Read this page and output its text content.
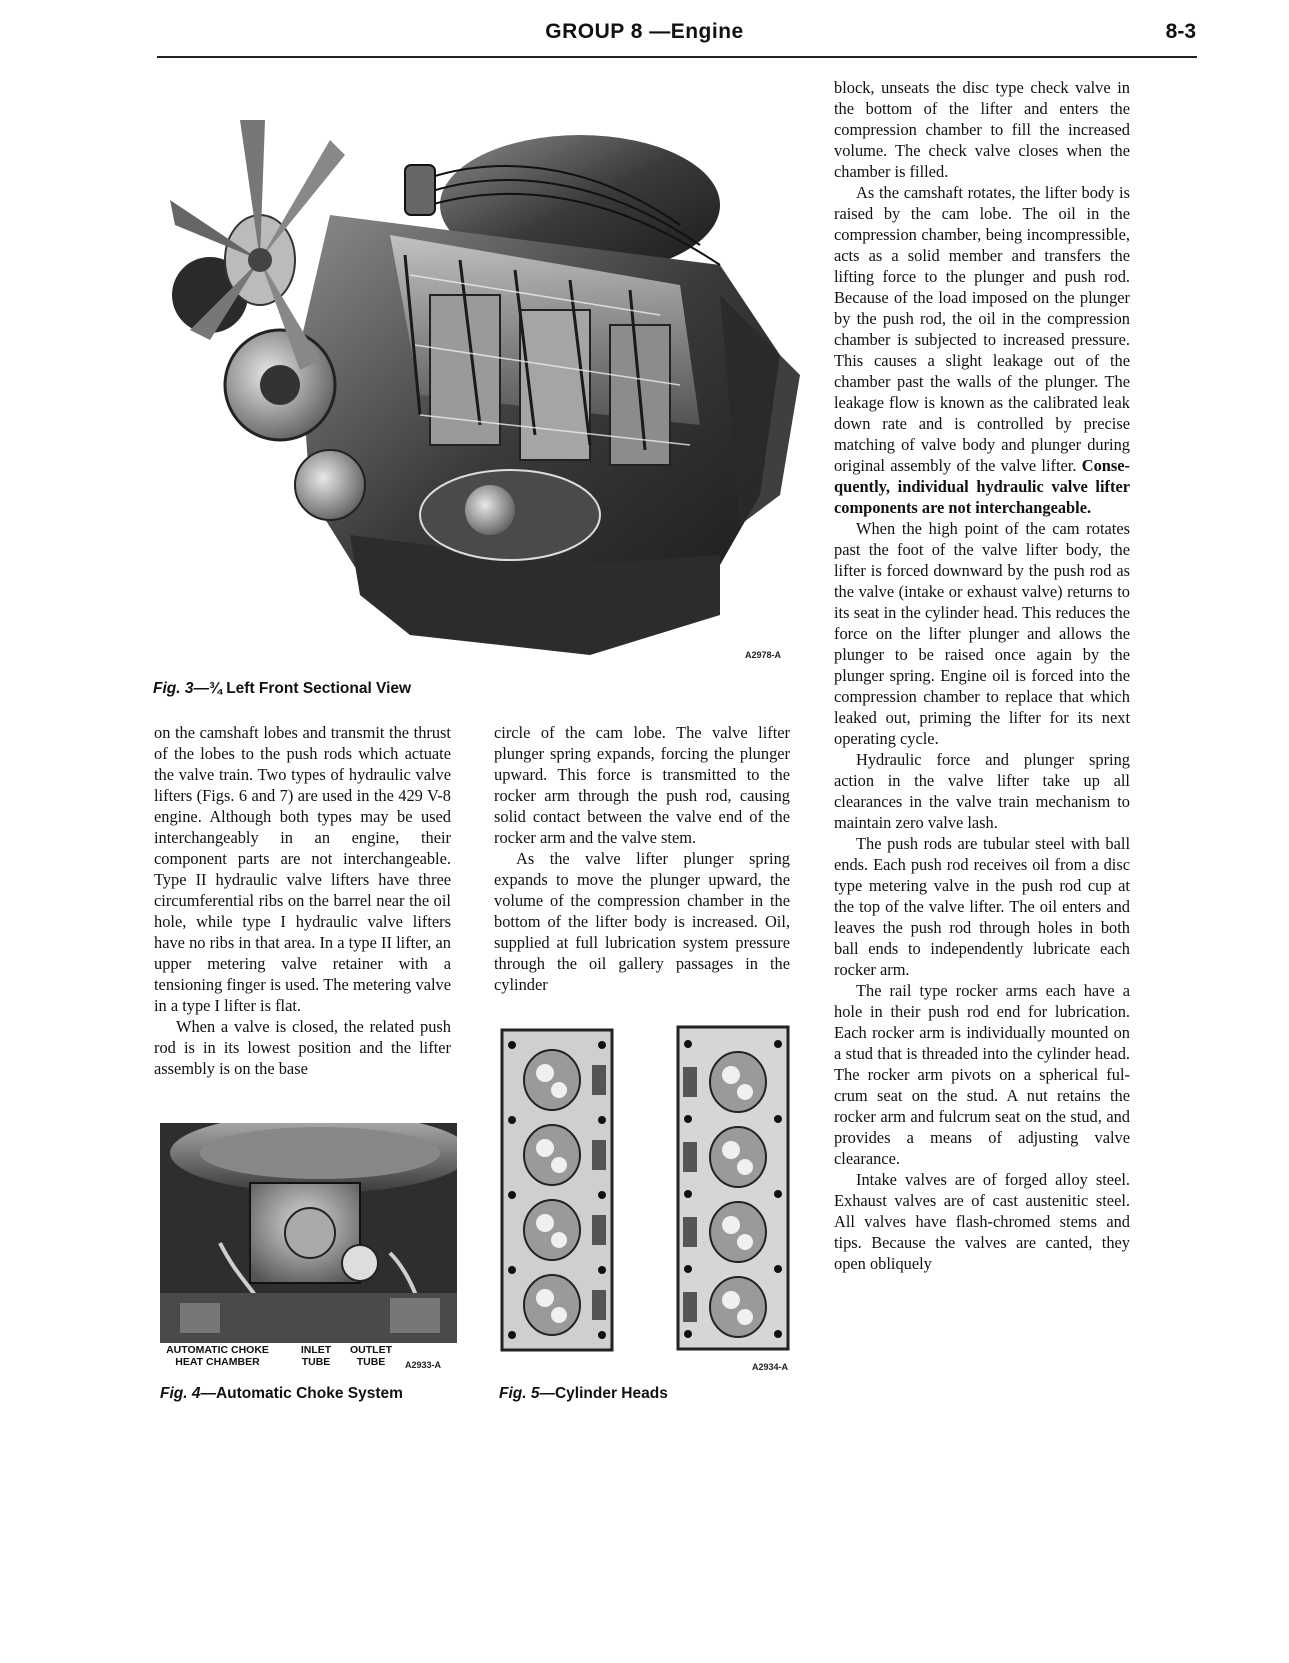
GROUP 8 —Engine	8-3
A2978-A
Fig. 3—¾ Left Front Sectional View

on the camshaft lobes and transmit the thrust of the lobes to the push rods which actuate the valve train. Two types of hydraulic valve lifters (Figs. 6 and 7) are used in the 429 V-8 engine. Although both types may be used interchangeably in an engine, their component parts are not interchangeable. Type II hydraulic valve lifters have three circumferential ribs on the barrel near the oil hole, while type I hydraulic valve lifters have no ribs in that area. In a type II lifter, an upper metering valve retainer with a tensioning finger is used. The metering valve in a type I lifter is flat.

When a valve is closed, the related push rod is in its lowest position and the lifter assembly is on the base

AUTOMATIC CHOKE HEAT CHAMBER
INLET TUBE
OUTLET TUBE	A2933-A
Fig. 4—Automatic Choke System

circle of the cam lobe. The valve lifter plunger spring expands, forcing the plunger upward. This force is transmitted to the rocker arm through the push rod, causing solid contact between the valve end of the rocker arm and the valve stem.

As the valve lifter plunger spring expands to move the plunger upward, the volume of the compression chamber in the bottom of the lifter body is increased. Oil, supplied at full lubrication system pressure through the oil gallery passages in the cylinder

A2934-A
Fig. 5—Cylinder Heads

block, unseats the disc type check valve in the bottom of the lifter and enters the compression chamber to fill the increased volume. The check valve closes when the chamber is filled.

As the camshaft rotates, the lifter body is raised by the cam lobe. The oil in the compression chamber, being incompressible, acts as a solid member and transfers the lifting force to the plunger and push rod. Because of the load imposed on the plunger by the push rod, the oil in the compression chamber is subjected to increased pressure. This causes a slight leakage out of the chamber past the walls of the plunger. The leakage flow is known as the calibrated leak down rate and is controlled by precise matching of valve body and plunger during original assembly of the valve lifter. Consequently, individual hydraulic valve lifter components are not interchangeable.

When the high point of the cam rotates past the foot of the valve lifter body, the lifter is forced downward by the push rod as the valve (intake or exhaust valve) returns to its seat in the cylinder head. This reduces the force on the lifter plunger and allows the plunger to be raised once again by the plunger spring. Engine oil is forced into the compression chamber to replace that which leaked out, priming the lifter for its next operating cycle.

Hydraulic force and plunger spring action in the valve lifter take up all clearances in the valve train mechanism to maintain zero valve lash.

The push rods are tubular steel with ball ends. Each push rod receives oil from a disc type metering valve in the push rod cup at the top of the valve lifter. The oil enters and leaves the push rod through holes in both ball ends to independently lubricate each rocker arm.

The rail type rocker arms each have a hole in their push rod end for lubrication. Each rocker arm is individually mounted on a stud that is threaded into the cylinder head. The rocker arm pivots on a spherical fulcrum seat on the stud. A nut retains the rocker arm and fulcrum seat on the stud, and provides a means of adjusting valve clearance.

Intake valves are of forged alloy steel. Exhaust valves are of cast austenitic steel. All valves have flash-chromed stems and tips. Because the valves are canted, they open obliquely
